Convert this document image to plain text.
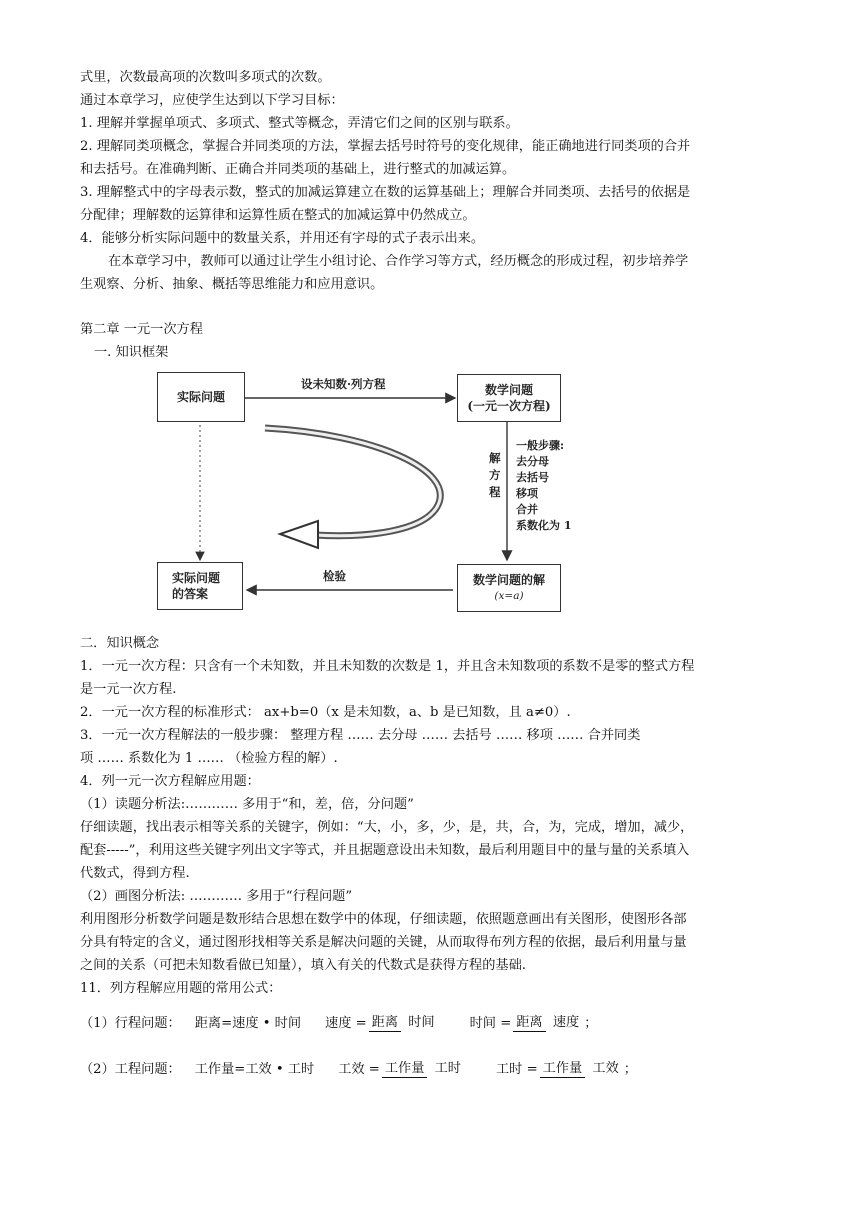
式里，次数最高项的次数叫多项式的次数。
通过本章学习，应使学生达到以下学习目标：
1. 理解并掌握单项式、多项式、整式等概念，弄清它们之间的区别与联系。
2. 理解同类项概念，掌握合并同类项的方法，掌握去括号时符号的变化规律，能正确地进行同类项的合并
和去括号。在准确判断、正确合并同类项的基础上，进行整式的加减运算。
3. 理解整式中的字母表示数，整式的加减运算建立在数的运算基础上；理解合并同类项、去括号的依据是
分配律；理解数的运算律和运算性质在整式的加减运算中仍然成立。
4．能够分析实际问题中的数量关系，并用还有字母的式子表示出来。
在本章学习中，教师可以通过让学生小组讨论、合作学习等方式，经历概念的形成过程，初步培养学
生观察、分析、抽象、概括等思维能力和应用意识。
第二章 一元一次方程
一. 知识框架
实际问题	数学问题
(一元一次方程)
实际问题
的答案
数学问题的解
(x=a)
设未知数·列方程
检验
解
方
程
一般步骤:
去分母
去括号
移项
合并
系数化为 1
二．知识概念
1．一元一次方程：只含有一个未知数，并且未知数的次数是 1，并且含未知数项的系数不是零的整式方程
是一元一次方程.
2．一元一次方程的标准形式： ax+b=0（x 是未知数，a、b 是已知数，且 a≠0）.
3．一元一次方程解法的一般步骤： 整理方程 …… 去分母 …… 去括号 …… 移项 …… 合并同类
项 …… 系数化为 1 …… （检验方程的解）.
4．列一元一次方程解应用题：
（1）读题分析法:………… 多用于“和，差，倍，分问题”
仔细读题，找出表示相等关系的关键字，例如：“大，小，多，少，是，共，合，为，完成，增加，减少，
配套-----”，利用这些关键字列出文字等式，并且据题意设出未知数，最后利用题目中的量与量的关系填入
代数式，得到方程.
（2）画图分析法: ………… 多用于“行程问题”
利用图形分析数学问题是数形结合思想在数学中的体现，仔细读题，依照题意画出有关图形，使图形各部
分具有特定的含义，通过图形找相等关系是解决问题的关键，从而取得布列方程的依据，最后利用量与量
之间的关系（可把未知数看做已知量），填入有关的代数式是获得方程的基础.
11．列方程解应用题的常用公式：
（1）行程问题： 距离=速度 • 时间 速度 = 距离 时间	时间 = 距离 速度 ；
（2）工程问题： 工作量=工效 • 工时 工效 = 工作量 工时	工时 = 工作量 工效 ；
